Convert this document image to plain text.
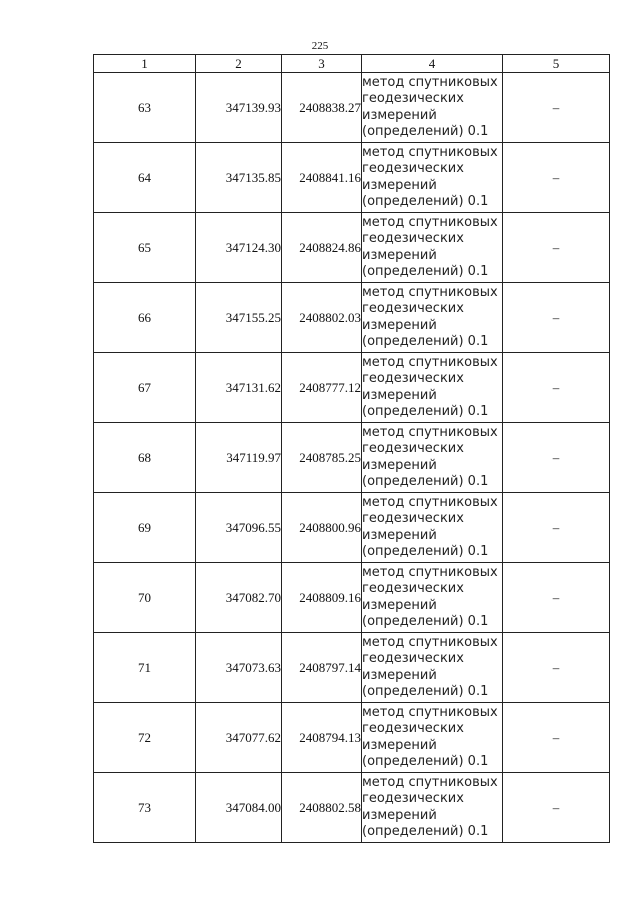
225
1	2	3	4	5
63	347139.93	2408838.27	метод спутниковых
геодезических
измерений
(определений) 0.1	–
64	347135.85	2408841.16	метод спутниковых
геодезических
измерений
(определений) 0.1	–
65	347124.30	2408824.86	метод спутниковых
геодезических
измерений
(определений) 0.1	–
66	347155.25	2408802.03	метод спутниковых
геодезических
измерений
(определений) 0.1	–
67	347131.62	2408777.12	метод спутниковых
геодезических
измерений
(определений) 0.1	–
68	347119.97	2408785.25	метод спутниковых
геодезических
измерений
(определений) 0.1	–
69	347096.55	2408800.96	метод спутниковых
геодезических
измерений
(определений) 0.1	–
70	347082.70	2408809.16	метод спутниковых
геодезических
измерений
(определений) 0.1	–
71	347073.63	2408797.14	метод спутниковых
геодезических
измерений
(определений) 0.1	–
72	347077.62	2408794.13	метод спутниковых
геодезических
измерений
(определений) 0.1	–
73	347084.00	2408802.58	метод спутниковых
геодезических
измерений
(определений) 0.1	–
